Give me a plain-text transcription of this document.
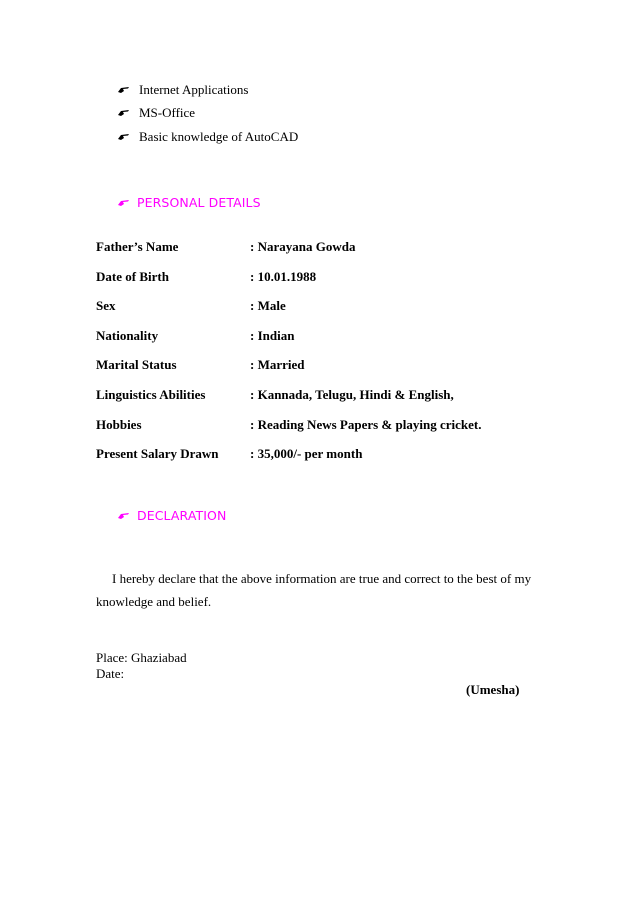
Internet Applications
MS-Office
Basic knowledge of AutoCAD
PERSONAL DETAILS
Father’s Name	: Narayana Gowda
Date of Birth	: 10.01.1988
Sex	: Male
Nationality	: Indian
Marital Status	: Married
Linguistics Abilities	: Kannada, Telugu, Hindi & English,
Hobbies	: Reading News Papers & playing cricket.
Present Salary Drawn	: 35,000/- per month
DECLARATION

I hereby declare that the above information are true and correct to the best of my knowledge and belief.

Place: Ghaziabad
Date:
(Umesha)
